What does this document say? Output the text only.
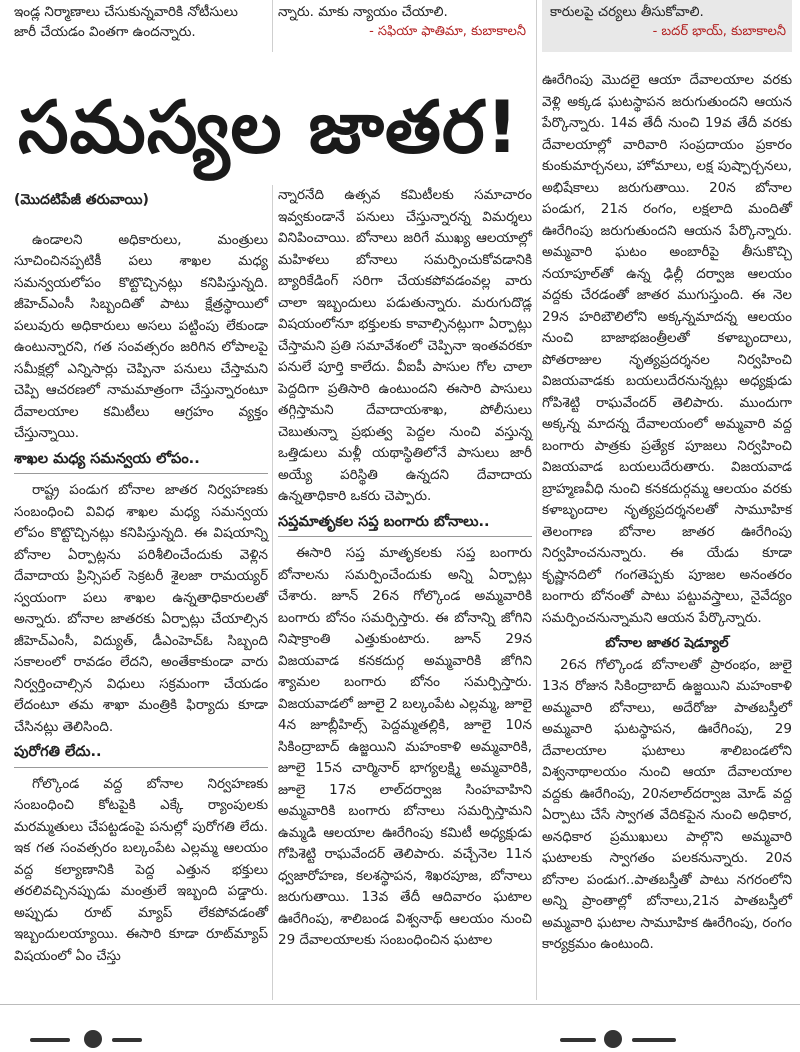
ఇండ్ల నిర్మాణాలు చేసుకున్నవారికి నోటీసులు జారీ చేయడం వింతగా ఉందన్నారు.

న్నారు. మాకు న్యాయం చేయాలి.

- సఫియా ఫాతిమా, కుబాకాలనీ

కారులపై చర్యలు తీసుకోవాలి.

- బదర్ భాయ్, కుబాకాలనీ

సమస్యల జాతర!
(మొదటిపేజీ తరువాయి)

ఉండాలని అధికారులు, మంత్రులు సూచించినప్పటికీ పలు శాఖల మధ్య సమన్వయలోపం కొట్టొచ్చినట్లు కనిపిస్తున్నది. జీహెచ్ఎంసీ సిబ్బందితో పాటు క్షేత్రస్థాయిలో పలువురు అధికారులు అసలు పట్టింపు లేకుండా ఉంటున్నారని, గత సంవత్సరం జరిగిన లోపాలపై సమీక్షల్లో ఎన్నిసార్లు చెప్పినా పనులు చేస్తామని చెప్పి ఆచరణలో నామమాత్రంగా చేస్తున్నారంటూ దేవాలయాల కమిటీలు ఆగ్రహం వ్యక్తం చేస్తున్నాయి.

శాఖల మధ్య సమన్వయ లోపం..

రాష్ట్ర పండుగ బోనాల జాతర నిర్వహణకు సంబంధించి వివిధ శాఖల మధ్య సమన్వయ లోపం కొట్టొచ్చినట్లు కనిపిస్తున్నది. ఈ విషయాన్ని బోనాల ఏర్పాట్లను పరిశీలించేందుకు వెళ్లిన దేవాదాయ ప్రిన్సిపల్ సెక్రటరీ శైలజా రామయ్యర్ స్వయంగా పలు శాఖల ఉన్నతాధికారులతో అన్నారు. బోనాల జాతరకు ఏర్పాట్లు చేయాల్సిన జీహెచ్ఎంసీ, విద్యుత్, డీఎంహెచ్ఓ సిబ్బంది సకాలంలో రావడం లేదని, అంతేకాకుండా వారు నిర్వర్తించాల్సిన విధులు సక్రమంగా చేయడం లేదంటూ తమ శాఖా మంత్రికి ఫిర్యాదు కూడా చేసినట్లు తెలిసింది.

పురోగతి లేదు..

గోల్కొండ వద్ద బోనాల నిర్వహణకు సంబంధించి కోటపైకి ఎక్కే ర్యాంపులకు మరమ్మతులు చేపట్టడంపై పనుల్లో పురోగతి లేదు. ఇక గత సంవత్సరం బల్కంపేట ఎల్లమ్మ ఆలయం వద్ద కల్యాణానికి పెద్ద ఎత్తున భక్తులు తరలివచ్చినప్పుడు మంత్రులే ఇబ్బంది పడ్డారు. అప్పుడు రూట్ మ్యాప్ లేకపోవడంతో ఇబ్బందులయ్యాయి. ఈసారి కూడా రూట్‌మ్యాప్ విషయంలో ఏం చేస్తు

న్నారనేది ఉత్సవ కమిటీలకు సమాచారం ఇవ్వకుండానే పనులు చేస్తున్నారన్న విమర్శలు వినిపించాయి. బోనాలు జరిగే ముఖ్య ఆలయాల్లో మహిళలు బోనాలు సమర్పించుకోవడానికి బ్యారికేడింగ్ సరిగా చేయకపోవడంవల్ల వారు చాలా ఇబ్బందులు పడుతున్నారు. మరుగుదొడ్ల విషయంలోనూ భక్తులకు కావాల్సినట్లుగా ఏర్పాట్లు చేస్తామని ప్రతి సమావేశంలో చెప్పినా ఇంతవరకూ పనులే పూర్తి కాలేదు. వీఐపీ పాసుల గోల చాలా పెద్దదిగా ప్రతిసారి ఉంటుందని ఈసారి పాసులు తగ్గిస్తామని దేవాదాయశాఖ, పోలీసులు చెబుతున్నా ప్రభుత్వ పెద్దల నుంచి వస్తున్న ఒత్తిడులు మళ్లీ యథాస్థితిలోనే పాసులు జారీ అయ్యే పరిస్థితి ఉన్నదని దేవాదాయ ఉన్నతాధికారి ఒకరు చెప్పారు.

సప్తమాతృకల సప్త బంగారు బోనాలు..

ఈసారి సప్త మాతృకలకు సప్త బంగారు బోనాలను సమర్పించేందుకు అన్ని ఏర్పాట్లు చేశారు. జూన్ 26న గోల్కొండ అమ్మవారికి బంగారు బోనం సమర్పిస్తారు. ఈ బోనాన్ని జోగిని నిషాక్రాంతి ఎత్తుకుంటారు. జూన్ 29న విజయవాడ కనకదుర్గ అమ్మవారికి జోగిని శ్యామల బంగారు బోనం సమర్పిస్తారు. విజయవాడలో జూలై 2 బల్కంపేట ఎల్లమ్మ, జూలై 4న జూబ్లీహిల్స్ పెద్దమ్మతల్లికి, జూలై 10న సికింద్రాబాద్ ఉజ్జయిని మహంకాళి అమ్మవారికి, జూలై 15న చార్మినార్ భాగ్యలక్ష్మి అమ్మవారికి, జూలై 17న లాల్‌దర్వాజ సింహవాహిని అమ్మవారికి బంగారు బోనాలు సమర్పిస్తామని ఉమ్మడి ఆలయాల ఊరేగింపు కమిటీ అధ్యక్షుడు గోపిశెట్టి రాఘవేందర్ తెలిపారు. వచ్చేనెల 11న ధ్వజారోహణ, కలశస్థాపన, శిఖరపూజ, బోనాలు జరుగుతాయి. 13వ తేదీ ఆదివారం ఘటాల ఊరేగింపు, శాలిబండ విశ్వనాథ్ ఆలయం నుంచి 29 దేవాలయాలకు సంబంధించిన ఘటాల

ఊరేగింపు మొదలై ఆయా దేవాలయాల వరకు వెళ్లి అక్కడ ఘటస్థాపన జరుగుతుందని ఆయన పేర్కొన్నారు. 14వ తేదీ నుంచి 19వ తేదీ వరకు దేవాలయాల్లో వారివారి సంప్రదాయం ప్రకారం కుంకుమార్చనలు, హోమాలు, లక్ష పుష్పార్చనలు, అభిషేకాలు జరుగుతాయి. 20న బోనాల పండుగ, 21న రంగం, లక్షలాది మందితో ఊరేగింపు జరుగుతుందని ఆయన పేర్కొన్నారు. అమ్మవారి ఘటం అంబారీపై తీసుకొచ్చి నయాపూల్‌తో ఉన్న ఢిల్లీ దర్వాజ ఆలయం వద్దకు చేరడంతో జాతర ముగుస్తుంది. ఈ నెల 29న హరిబౌలిలోని అక్కన్నమాదన్న ఆలయం నుంచి బాజాభజంత్రీలతో కళాబృందాలు, పోతరాజుల నృత్యప్రదర్శనల నిర్వహించి విజయవాడకు బయలుదేరనున్నట్లు అధ్యక్షుడు గోపిశెట్టి రాఘవేందర్ తెలిపారు. ముందుగా అక్కన్న మాదన్న దేవాలయంలో అమ్మవారి వద్ద బంగారు పాత్రకు ప్రత్యేక పూజలు నిర్వహించి విజయవాడ బయలుదేరుతారు. విజయవాడ బ్రాహ్మణవీధి నుంచి కనకదుర్గమ్మ ఆలయం వరకు కళాబృందాల నృత్యప్రదర్శనలతో సామూహిక తెలంగాణ బోనాల జాతర ఊరేగింపు నిర్వహించనున్నారు. ఈ యేడు కూడా కృష్ణానదిలో గంగతెప్పకు పూజల అనంతరం బంగారు బోనంతో పాటు పట్టువస్త్రాలు, నైవేద్యం సమర్పించనున్నామని ఆయన పేర్కొన్నారు.

బోనాల జాతర షెడ్యూల్

26న గోల్కొండ బోనాలతో ప్రారంభం, జులై 13న రోజున సికింద్రాబాద్ ఉజ్జయిని మహంకాళి అమ్మవారి బోనాలు, అదేరోజు పాతబస్తీలో అమ్మవారి ఘటస్థాపన, ఊరేగింపు, 29 దేవాలయాల ఘటాలు శాలిబండలోని విశ్వనాథాలయం నుంచి ఆయా దేవాలయాల వద్దకు ఊరేగింపు, 20నలాల్‌దర్వాజ మోడ్ వద్ద ఏర్పాటు చేసే స్వాగత వేదికపైన నుంచి అధికార, అనధికార ప్రముఖులు పాల్గొని అమ్మవారి ఘటాలకు స్వాగతం పలకనున్నారు. 20న బోనాల పండుగ..పాతబస్తీతో పాటు నగరంలోని అన్ని ప్రాంతాల్లో బోనాలు,21న పాతబస్తీలో అమ్మవారి ఘటాల సామూహిక ఊరేగింపు, రంగం కార్యక్రమం ఉంటుంది.
